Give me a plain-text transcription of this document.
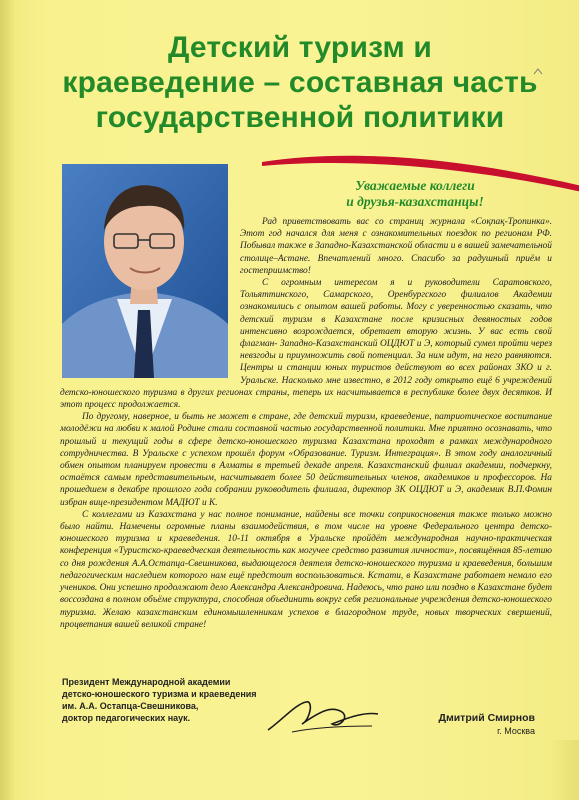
Детский туризм и
краеведение – составная часть
государственной политики
Уважаемые коллеги
и друзья-казахстанцы!

Рад приветствовать вас со страниц журнала «Соқпақ-Тропинка». Этот год начался для меня с ознакомительных поездок по регионам РФ. Побывал также в Западно-Казахстанской области и в вашей замечательной столице–Астане. Впечатлений много. Спасибо за радушный приём и гостеприимство!

С огромным интересом я и руководители Саратовского, Тольяттинского, Самарского, Оренбургского филиалов Академии ознакомились с опытом вашей работы. Могу с уверенностью сказать, что детский туризм в Казахстане после кризисных девяностых годов интенсивно возрождается, обретает вторую жизнь. У вас есть свой флагман- Западно-Казахстанский ОЦДЮТ и Э, который сумел пройти через невзгоды и приумножить свой потенциал. За ним идут, на него равняются. Центры и станции юных туристов действуют во всех районах ЗКО и г. Уральске. Насколько мне известно, в 2012 году открыто ещё 6 учреждений детско-юношеского туризма в других регионах страны, теперь их насчитывается в республике более двух десятков. И этот процесс продолжается.

По другому, наверное, и быть не может в стране, где детский туризм, краеведение, патриотическое воспитание молодёжи на любви к малой Родине стали составной частью государственной политики. Мне приятно осознавать, что прошлый и текущий годы в сфере детско-юношеского туризма Казахстана проходят в рамках международного сотрудничества. В Уральске с успехом прошёл форум «Образование. Туризм. Интеграция». В этом году аналогичный обмен опытом планируем провести в Алматы в третьей декаде апреля. Казахстанский филиал академии, подчеркну, остаётся самым представительным, насчитывает более 50 действительных членов, академиков и профессоров. На прошедшем в декабре прошлого года собрании руководитель филиала, директор ЗК ОЦДЮТ и Э, академик В.П.Фомин избран вице-президентом МАДЮТ и К.

С коллегами из Казахстана у нас полное понимание, найдены все точки соприкосновения также только можно было найти. Намечены огромные планы взаимодействия, в том числе на уровне Федерального центра детско-юношеского туризма и краеведения. 10-11 октября в Уральске пройдёт международная научно-практическая конференция «Туристско-краеведческая деятельность как могучее средство развития личности», посвящённая 85-летию со дня рождения А.А.Остапца-Свешникова, выдающегося деятеля детско-юношеского туризма и краеведения, большим педагогическим наследием которого нам ещё предстоит воспользоваться. Кстати, в Казахстане работает немало его учеников. Они успешно продолжают дело Александра Александровича. Надеюсь, что рано или поздно в Казахстане будет воссоздана в полном объёме структура, способная объединить вокруг себя региональные учреждения детско-юношеского туризма. Желаю казахстанским единомышленникам успехов в благородном труде, новых творческих свершений, процветания вашей великой стране!

Президент Международной академии
детско-юношеского туризма и краеведения
им. А.А. Остапца-Свешникова,
доктор педагогических наук.	Дмитрий Смирнов
г. Москва
